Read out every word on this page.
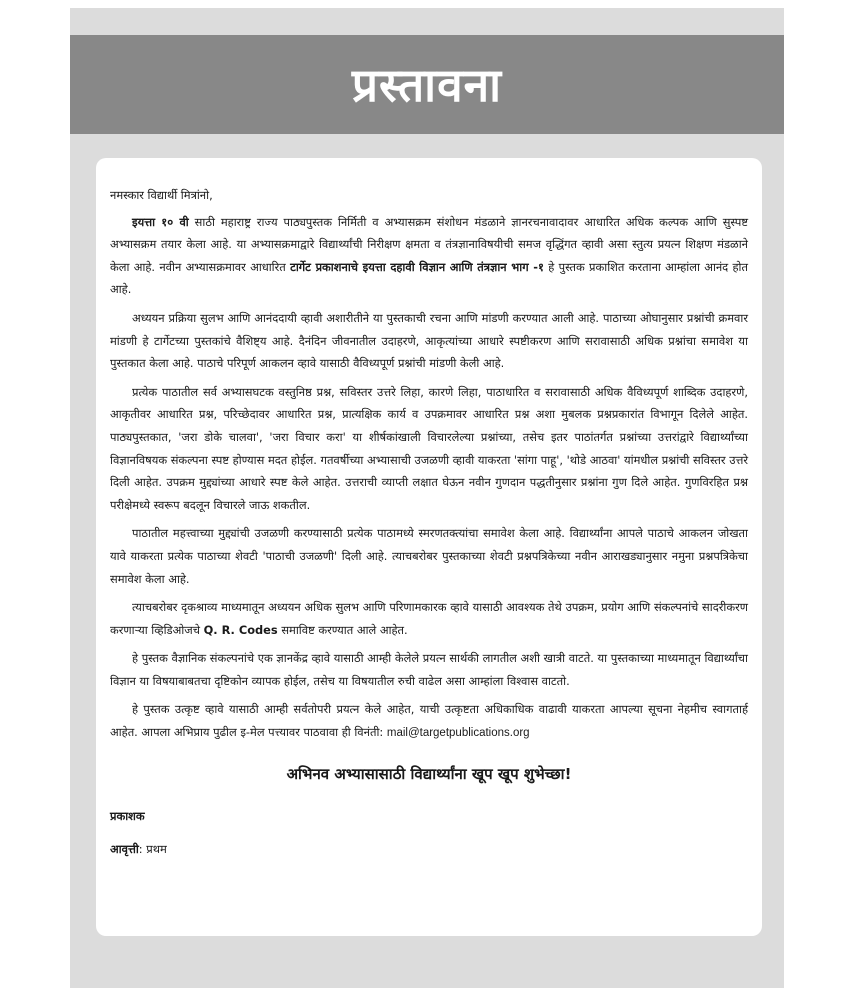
प्रस्तावना

नमस्कार विद्यार्थी मित्रांनो,

इयत्ता १० वी साठी महाराष्ट्र राज्य पाठ्यपुस्तक निर्मिती व अभ्यासक्रम संशोधन मंडळाने ज्ञानरचनावादावर आधारित अधिक कल्पक आणि सुस्पष्ट अभ्यासक्रम तयार केला आहे. या अभ्यासक्रमाद्वारे विद्यार्थ्यांची निरीक्षण क्षमता व तंत्रज्ञानाविषयीची समज वृद्धिंगत व्हावी असा स्तुत्य प्रयत्न शिक्षण मंडळाने केला आहे. नवीन अभ्यासक्रमावर आधारित टार्गेट प्रकाशनाचे इयत्ता दहावी विज्ञान आणि तंत्रज्ञान भाग -१ हे पुस्तक प्रकाशित करताना आम्हांला आनंद होत आहे.

अध्ययन प्रक्रिया सुलभ आणि आनंददायी व्हावी अशारीतीने या पुस्तकाची रचना आणि मांडणी करण्यात आली आहे. पाठाच्या ओघानुसार प्रश्नांची क्रमवार मांडणी हे टार्गेटच्या पुस्तकांचे वैशिष्ट्य आहे. दैनंदिन जीवनातील उदाहरणे, आकृत्यांच्या आधारे स्पष्टीकरण आणि सरावासाठी अधिक प्रश्नांचा समावेश या पुस्तकात केला आहे. पाठाचे परिपूर्ण आकलन व्हावे यासाठी वैविध्यपूर्ण प्रश्नांची मांडणी केली आहे.

प्रत्येक पाठातील सर्व अभ्यासघटक वस्तुनिष्ठ प्रश्न, सविस्तर उत्तरे लिहा, कारणे लिहा, पाठाधारित व सरावासाठी अधिक वैविध्यपूर्ण शाब्दिक उदाहरणे, आकृतीवर आधारित प्रश्न, परिच्छेदावर आधारित प्रश्न, प्रात्यक्षिक कार्य व उपक्रमावर आधारित प्रश्न अशा मुबलक प्रश्नप्रकारांत विभागून दिलेले आहेत. पाठ्यपुस्तकात, 'जरा डोके चालवा', 'जरा विचार करा' या शीर्षकांखाली विचारलेल्या प्रश्नांच्या, तसेच इतर पाठांतर्गत प्रश्नांच्या उत्तरांद्वारे विद्यार्थ्यांच्या विज्ञानविषयक संकल्पना स्पष्ट होण्यास मदत होईल. गतवर्षीच्या अभ्यासाची उजळणी व्हावी याकरता 'सांगा पाहू', 'थोडे आठवा' यांमधील प्रश्नांची सविस्तर उत्तरे दिली आहेत. उपक्रम मुद्द्यांच्या आधारे स्पष्ट केले आहेत. उत्तराची व्याप्ती लक्षात घेऊन नवीन गुणदान पद्धतीनुसार प्रश्नांना गुण दिले आहेत. गुणविरहित प्रश्न परीक्षेमध्ये स्वरूप बदलून विचारले जाऊ शकतील.

पाठातील महत्त्वाच्या मुद्द्यांची उजळणी करण्यासाठी प्रत्येक पाठामध्ये स्मरणतक्त्यांचा समावेश केला आहे. विद्यार्थ्यांना आपले पाठाचे आकलन जोखता यावे याकरता प्रत्येक पाठाच्या शेवटी 'पाठाची उजळणी' दिली आहे. त्याचबरोबर पुस्तकाच्या शेवटी प्रश्नपत्रिकेच्या नवीन आराखड्यानुसार नमुना प्रश्नपत्रिकेचा समावेश केला आहे.

त्याचबरोबर दृकश्राव्य माध्यमातून अध्ययन अधिक सुलभ आणि परिणामकारक व्हावे यासाठी आवश्यक तेथे उपक्रम, प्रयोग आणि संकल्पनांचे सादरीकरण करणाऱ्या व्हिडिओजचे Q. R. Codes समाविष्ट करण्यात आले आहेत.

हे पुस्तक वैज्ञानिक संकल्पनांचे एक ज्ञानकेंद्र व्हावे यासाठी आम्ही केलेले प्रयत्न सार्थकी लागतील अशी खात्री वाटते. या पुस्तकाच्या माध्यमातून विद्यार्थ्यांचा विज्ञान या विषयाबाबतचा दृष्टिकोन व्यापक होईल, तसेच या विषयातील रुची वाढेल असा आम्हांला विश्वास वाटतो.

हे पुस्तक उत्कृष्ट व्हावे यासाठी आम्ही सर्वतोपरी प्रयत्न केले आहेत, याची उत्कृष्टता अधिकाधिक वाढावी याकरता आपल्या सूचना नेहमीच स्वागतार्ह आहेत. आपला अभिप्राय पुढील इ-मेल पत्त्यावर पाठवावा ही विनंती: mail@targetpublications.org

अभिनव अभ्यासासाठी विद्यार्थ्यांना खूप खूप शुभेच्छा!

प्रकाशक

आवृत्ती: प्रथम
